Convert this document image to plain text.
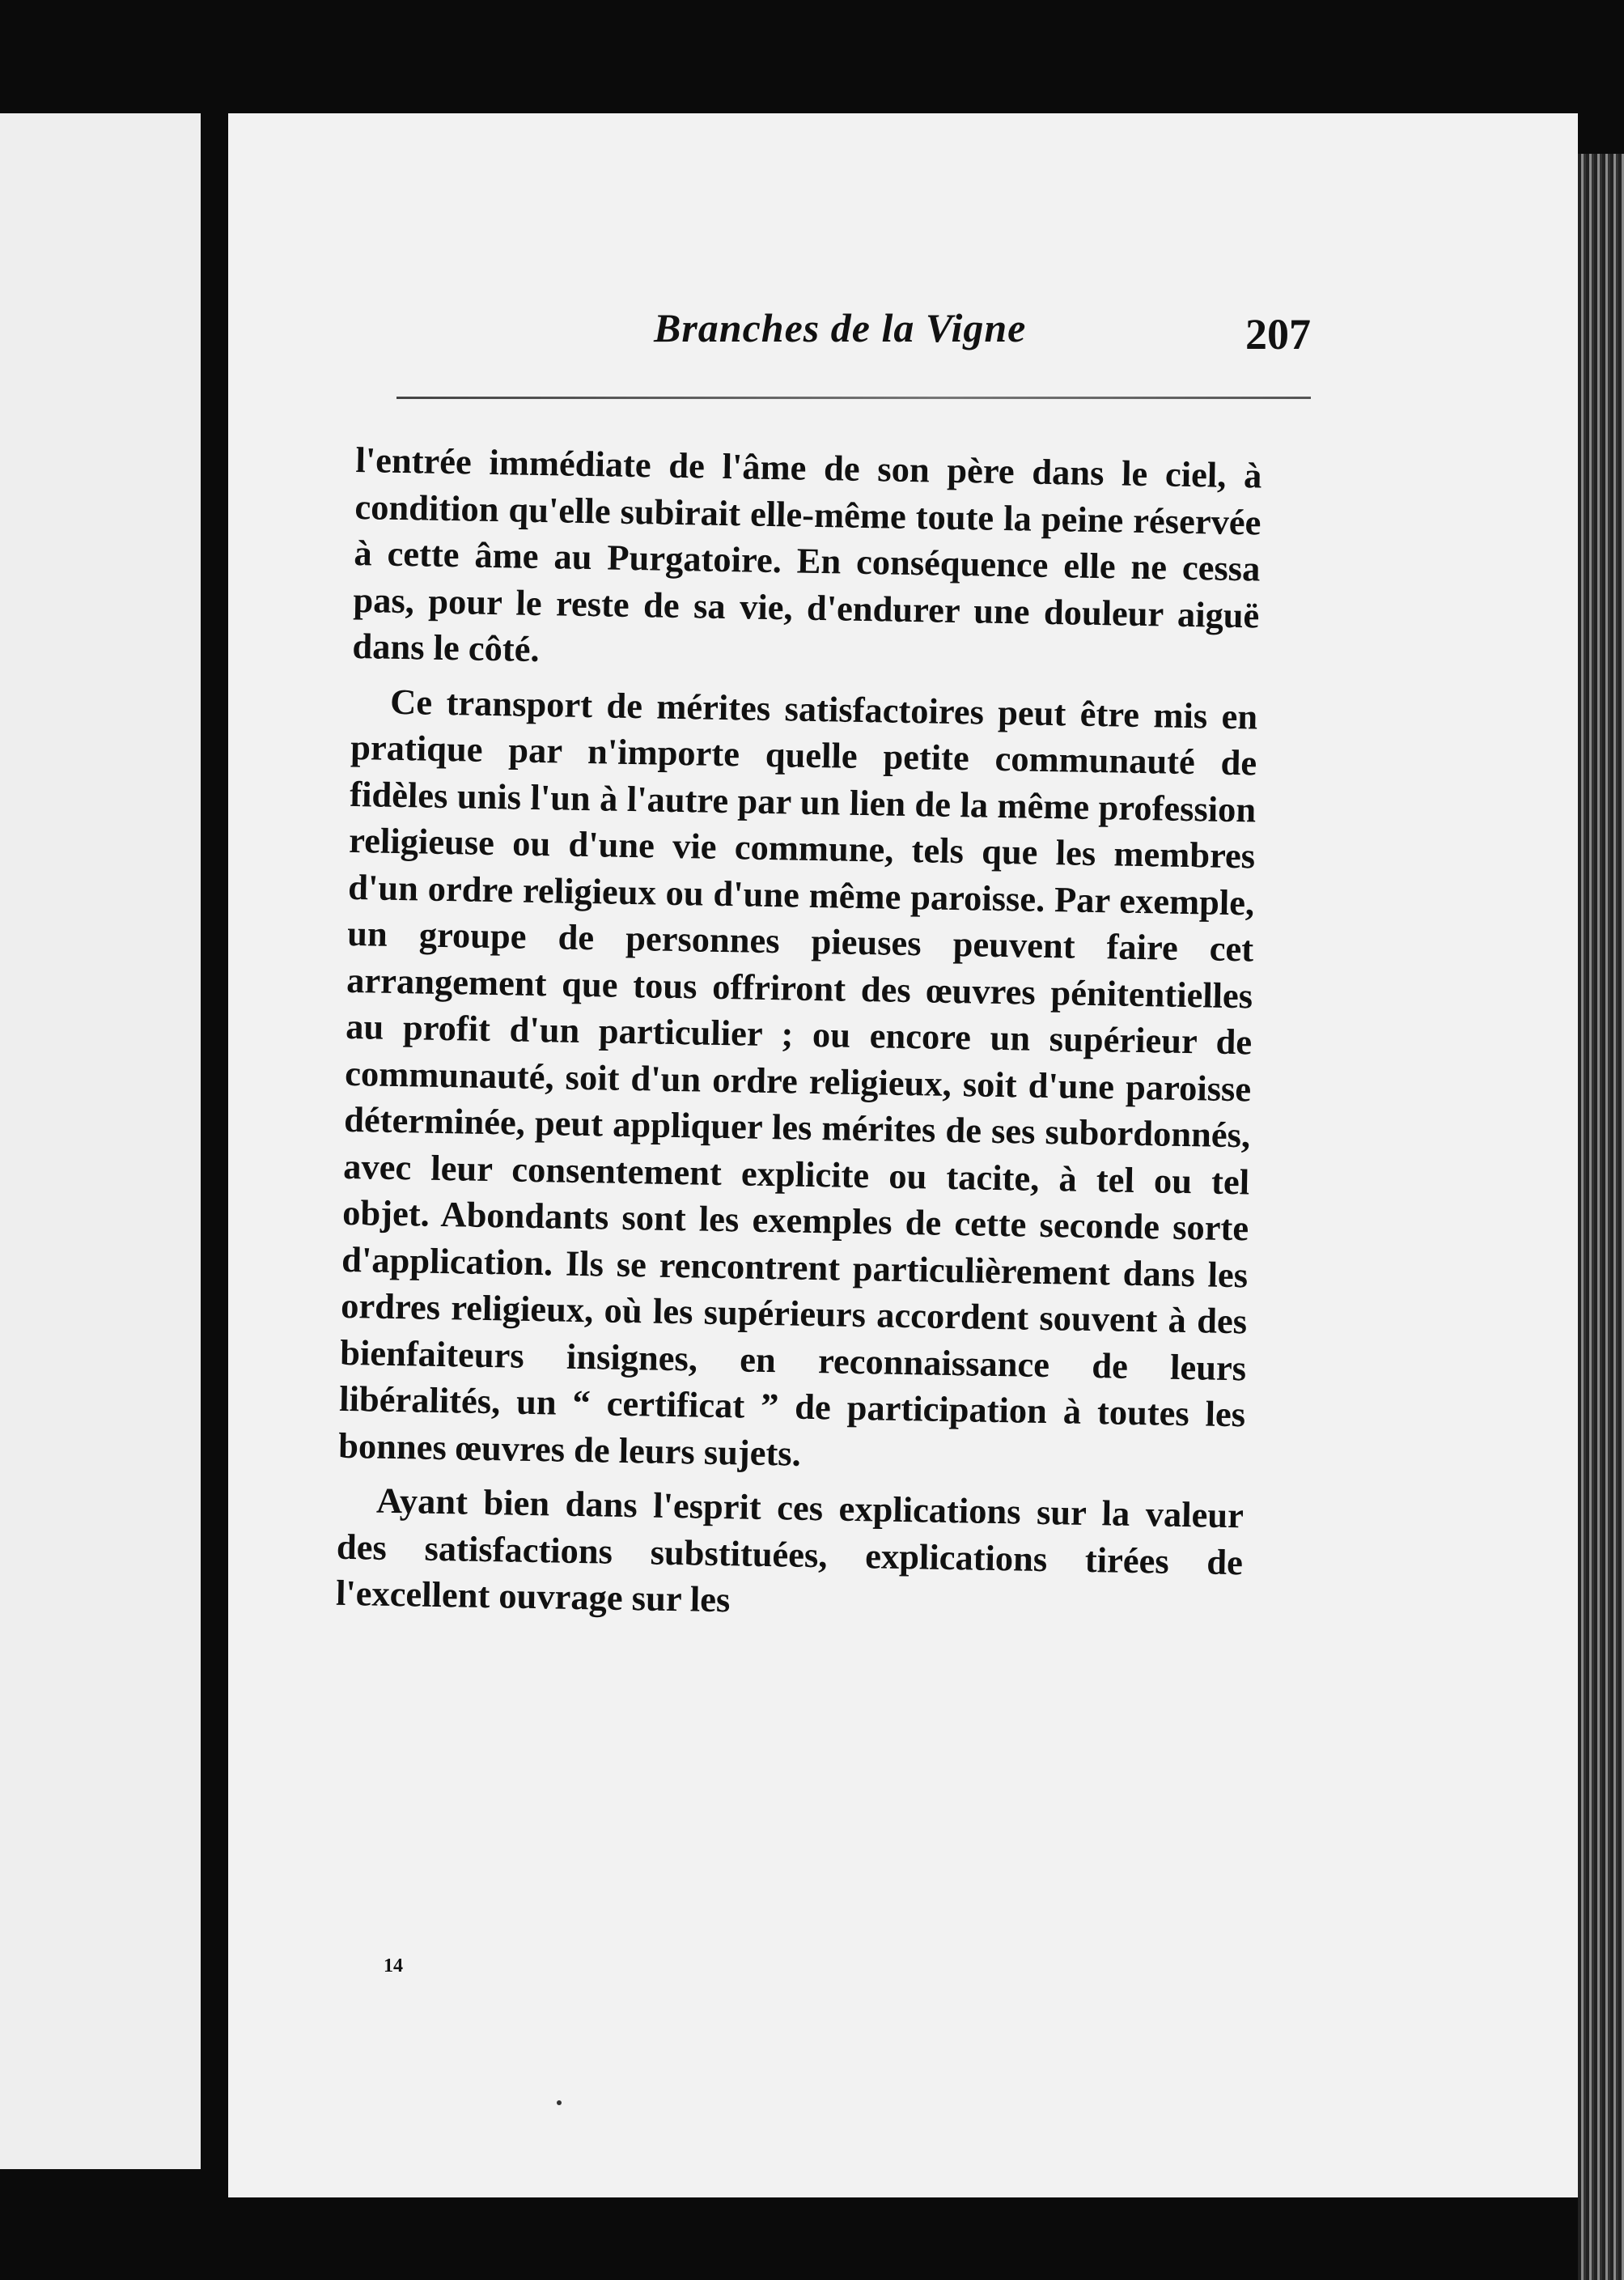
Branches de la Vigne	207

l'entrée immédiate de l'âme de son père dans le ciel, à condition qu'elle subirait elle-même toute la peine réservée à cette âme au Purgatoire. En conséquence elle ne cessa pas, pour le reste de sa vie, d'endurer une douleur aiguë dans le côté.

Ce transport de mérites satisfactoires peut être mis en pratique par n'importe quelle petite communauté de fidèles unis l'un à l'autre par un lien de la même profession religieuse ou d'une vie commune, tels que les membres d'un ordre religieux ou d'une même paroisse. Par exemple, un groupe de personnes pieuses peuvent faire cet arrangement que tous offriront des œuvres pénitentielles au profit d'un particulier ; ou encore un supérieur de communauté, soit d'un ordre religieux, soit d'une paroisse déterminée, peut appliquer les mérites de ses subordonnés, avec leur consentement explicite ou tacite, à tel ou tel objet. Abondants sont les exemples de cette seconde sorte d'application. Ils se rencontrent particulièrement dans les ordres religieux, où les supérieurs accordent souvent à des bienfaiteurs insignes, en reconnaissance de leurs libéralités, un “ certificat ” de participation à toutes les bonnes œuvres de leurs sujets.

Ayant bien dans l'esprit ces explications sur la valeur des satisfactions substituées, explications tirées de l'excellent ouvrage sur les

14
